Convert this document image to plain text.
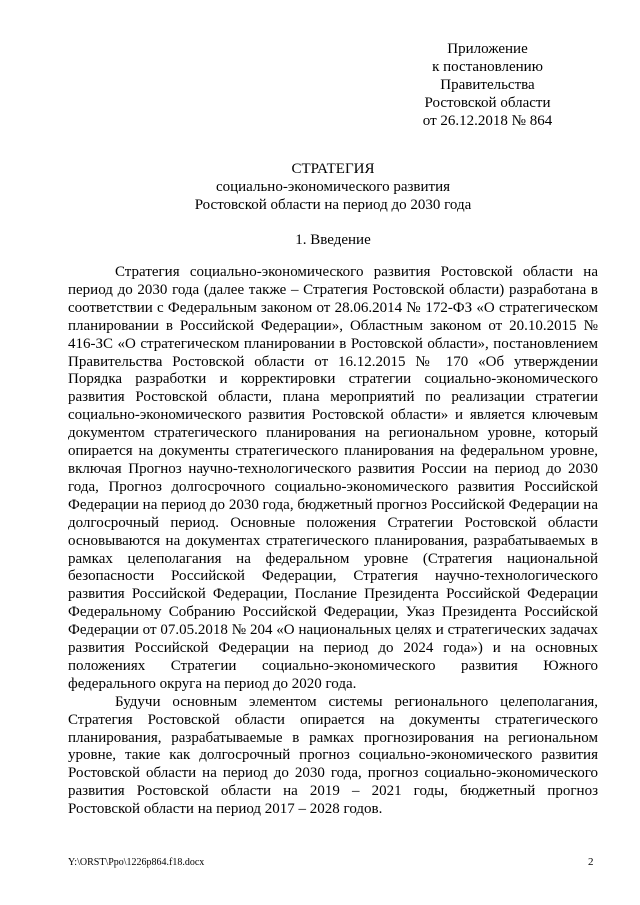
Приложение
к постановлению
Правительства
Ростовской области
от 26.12.2018 № 864
СТРАТЕГИЯ
социально-экономического развития
Ростовской области на период до 2030 года
1. Введение

Стратегия социально-экономического развития Ростовской области на период до 2030 года (далее также – Стратегия Ростовской области) разработана в соответствии с Федеральным законом от 28.06.2014 № 172-ФЗ «О стратегическом планировании в Российской Федерации», Областным законом от 20.10.2015 № 416-ЗС «О стратегическом планировании в Ростовской области», постановлением Правительства Ростовской области от 16.12.2015 № 170 «Об утверждении Порядка разработки и корректировки стратегии социально-экономического развития Ростовской области, плана мероприятий по реализации стратегии социально-экономического развития Ростовской области» и является ключевым документом стратегического планирования на региональном уровне, который опирается на документы стратегического планирования на федеральном уровне, включая Прогноз научно-технологического развития России на период до 2030 года, Прогноз долгосрочного социально-экономического развития Российской Федерации на период до 2030 года, бюджетный прогноз Российской Федерации на долгосрочный период. Основные положения Стратегии Ростовской области основываются на документах стратегического планирования, разрабатываемых в рамках целеполагания на федеральном уровне (Стратегия национальной безопасности Российской Федерации, Стратегия научно-технологического развития Российской Федерации, Послание Президента Российской Федерации Федеральному Собранию Российской Федерации, Указ Президента Российской Федерации от 07.05.2018 № 204 «О национальных целях и стратегических задачах развития Российской Федерации на период до 2024 года») и на основных положениях Стратегии социально-экономического развития Южного федерального округа на период до 2020 года.

Будучи основным элементом системы регионального целеполагания, Стратегия Ростовской области опирается на документы стратегического планирования, разрабатываемые в рамках прогнозирования на региональном уровне, такие как долгосрочный прогноз социально-экономического развития Ростовской области на период до 2030 года, прогноз социально-экономического развития Ростовской области на 2019 – 2021 годы, бюджетный прогноз Ростовской области на период 2017 – 2028 годов.

Y:\ORST\Ppo\1226p864.f18.docx	2
